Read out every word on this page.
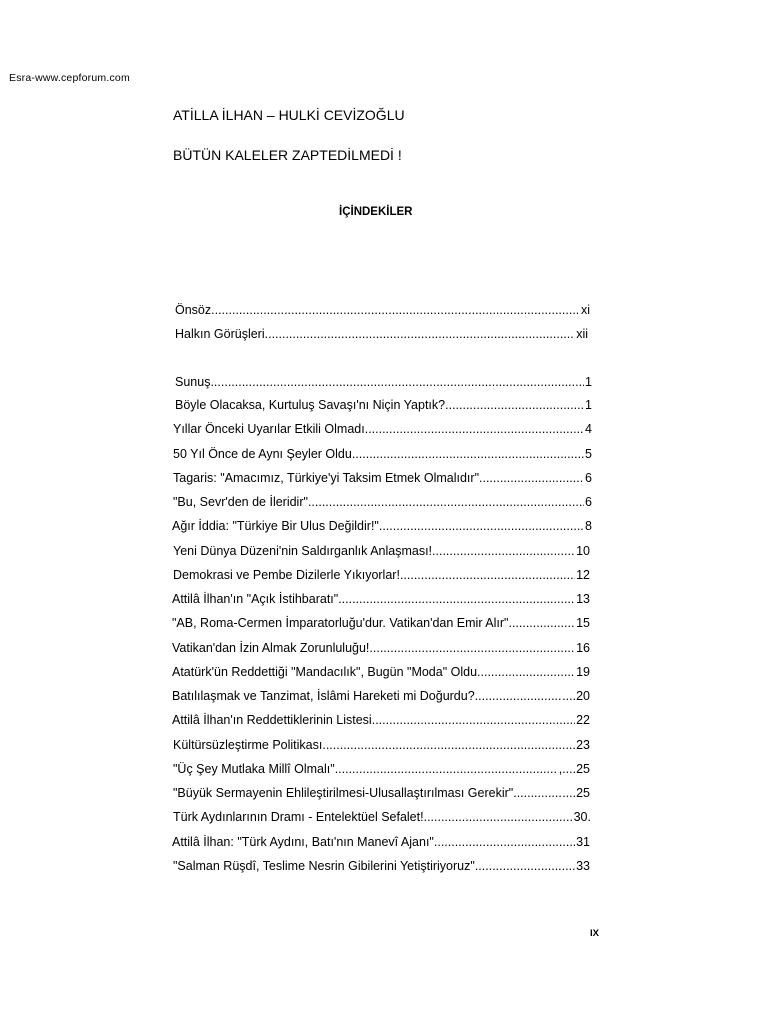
Esra-www.cepforum.com
ATİLLA İLHAN – HULKİ CEVİZOĞLU
BÜTÜN KALELER ZAPTEDİLMEDİ !
İÇİNDEKİLER
Önsöz .....	xi
Halkın Görüşleri .....	xii
Sunuş .....	1
Böyle Olacaksa, Kurtuluş Savaşı'nı Niçin Yaptık? .....	1
Yıllar Önceki Uyarılar Etkili Olmadı .....	4
50 Yıl Önce de Aynı Şeyler Oldu .....	5
Tagaris: "Amacımız, Türkiye'yi Taksim Etmek Olmalıdır" .....	6
"Bu, Sevr'den de İleridir" .....	6
Ağır İddia: "Türkiye Bir Ulus Değildir!" .....	8
Yeni Dünya Düzeni'nin Saldırganlık Anlaşması! .....	10
Demokrasi ve Pembe Dizilerle Yıkıyorlar! .....	12
Attilâ İlhan'ın "Açık İstihbaratı" .....	13
"AB, Roma-Cermen İmparatorluğu'dur. Vatikan'dan Emir Alır" .....	15
Vatikan'dan İzin Almak Zorunluluğu! .....	16
Atatürk'ün Reddettiği "Mandacılık", Bugün "Moda" Oldu .....	19
Batılılaşmak ve Tanzimat, İslâmi Hareketi mi Doğurdu? .....	....20
Attilâ İlhan'ın Reddettiklerinin Listesi .....	22
Kültürsüzleştirme Politikası .....	23
"Üç Şey Mutlaka Millî Olmalı" .....	,....25
"Büyük Sermayenin Ehlileştirilmesi-Ulusallaştırılması Gerekir" .....	....25
Türk Aydınlarının Dramı - Entelektüel Sefalet! .....	30.
Attilâ İlhan: "Türk Aydını, Batı'nın Manevî Ajanı" .....	31
"Salman Rüşdî, Teslime Nesrin Gibilerini Yetiştiriyoruz" .....	33
IX
